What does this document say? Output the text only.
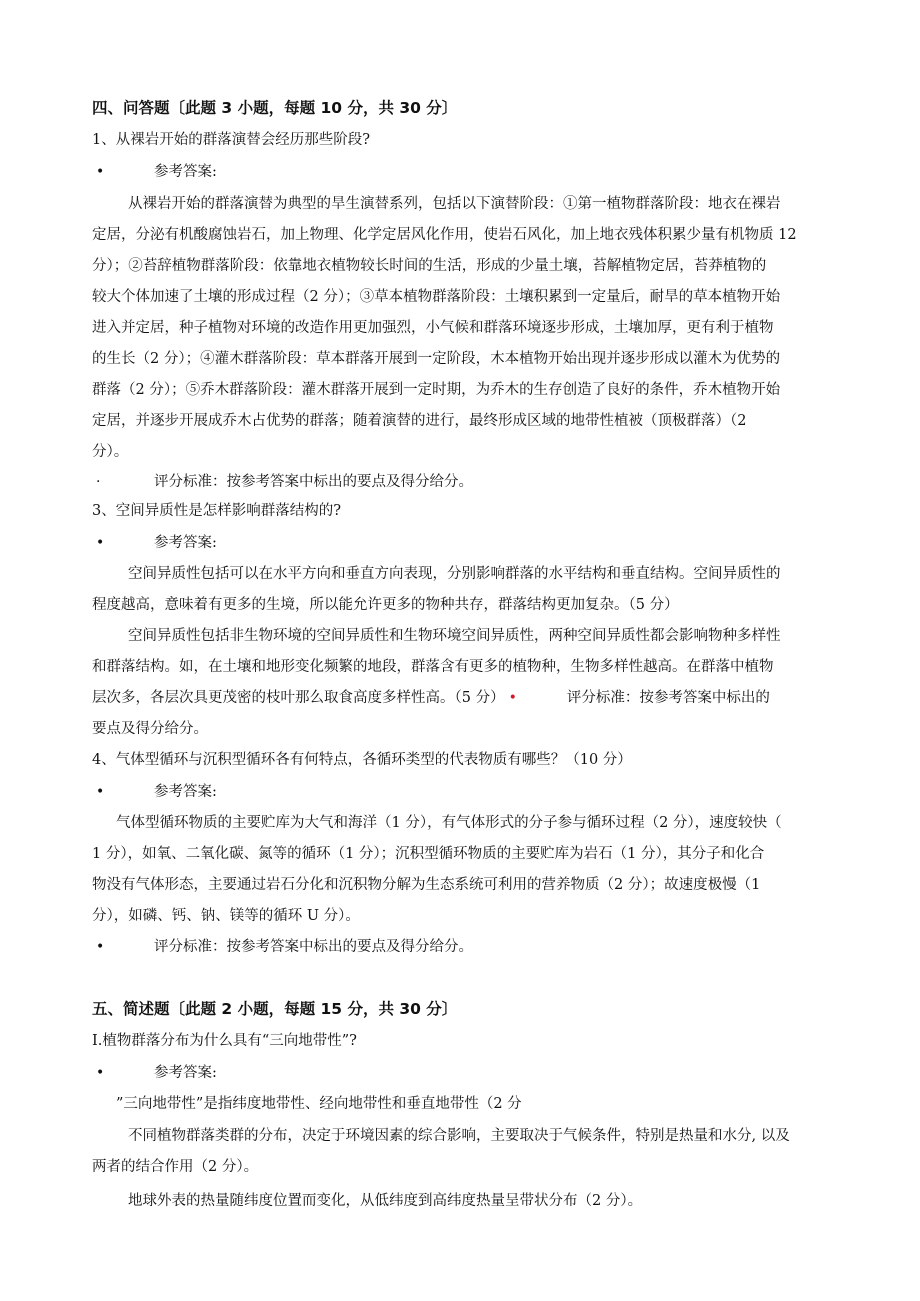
四、问答题〔此题 3 小题，每题 10 分，共 30 分〕
1、从裸岩开始的群落演替会经历那些阶段?
•	参考答案:
从裸岩开始的群落演替为典型的旱生演替系列，包括以下演替阶段：①第一植物群落阶段：地衣在裸岩
定居，分泌有机酸腐蚀岩石，加上物理、化学定居风化作用，使岩石风化，加上地衣残体积累少量有机物质 12
分）；②苔辞植物群落阶段：依靠地衣植物较长时间的生活，形成的少量土壤，苔解植物定居，苔莽植物的
较大个体加速了土壤的形成过程（2 分）；③草本植物群落阶段：土壤积累到一定量后，耐旱的草本植物开始
进入并定居，种子植物对环境的改造作用更加强烈，小气候和群落环境逐步形成，土壤加厚，更有利于植物
的生长（2 分）；④灌木群落阶段：草本群落开展到一定阶段，木本植物开始出现并逐步形成以灌木为优势的
群落（2 分）；⑤乔木群落阶段：灌木群落开展到一定时期，为乔木的生存创造了良好的条件，乔木植物开始
定居，并逐步开展成乔木占优势的群落；随着演替的进行，最终形成区域的地带性植被（顶极群落）（2
分）。
·	评分标准：按参考答案中标出的要点及得分给分。
3、空间异质性是怎样影响群落结构的?
•	参考答案:
空间异质性包括可以在水平方向和垂直方向表现，分别影响群落的水平结构和垂直结构。空间异质性的
程度越高，意味着有更多的生境，所以能允许更多的物种共存，群落结构更加复杂。（5 分）
空间异质性包括非生物环境的空间异质性和生物环境空间异质性，两种空间异质性都会影响物种多样性
和群落结构。如，在土壤和地形变化频繁的地段，群落含有更多的植物种，生物多样性越高。在群落中植物
层次多，各层次具更茂密的枝叶那么取食高度多样性高。（5 分） •	评分标准：按参考答案中标出的
要点及得分给分。
4、气体型循环与沉积型循环各有何特点，各循环类型的代表物质有哪些？（10 分）
•	参考答案:
气体型循环物质的主要贮库为大气和海洋（1 分），有气体形式的分子参与循环过程（2 分），速度较快（
1 分），如氧、二氧化碳、氮等的循环（1 分）；沉积型循环物质的主要贮库为岩石（1 分），其分子和化合
物没有气体形态，主要通过岩石分化和沉积物分解为生态系统可利用的营养物质（2 分）；故速度极慢（1
分），如磷、钙、钠、镁等的循环 U 分）。
•	评分标准：按参考答案中标出的要点及得分给分。
五、简述题〔此题 2 小题，每题 15 分，共 30 分〕
I.植物群落分布为什么具有“三向地带性”?
•	参考答案:
”三向地带性”是指纬度地带性、经向地带性和垂直地带性（2 分
不同植物群落类群的分布，决定于环境因素的综合影响，主要取决于气候条件，特别是热量和水分, 以及
两者的结合作用（2 分）。
地球外表的热量随纬度位置而变化，从低纬度到高纬度热量呈带状分布（2 分）。
